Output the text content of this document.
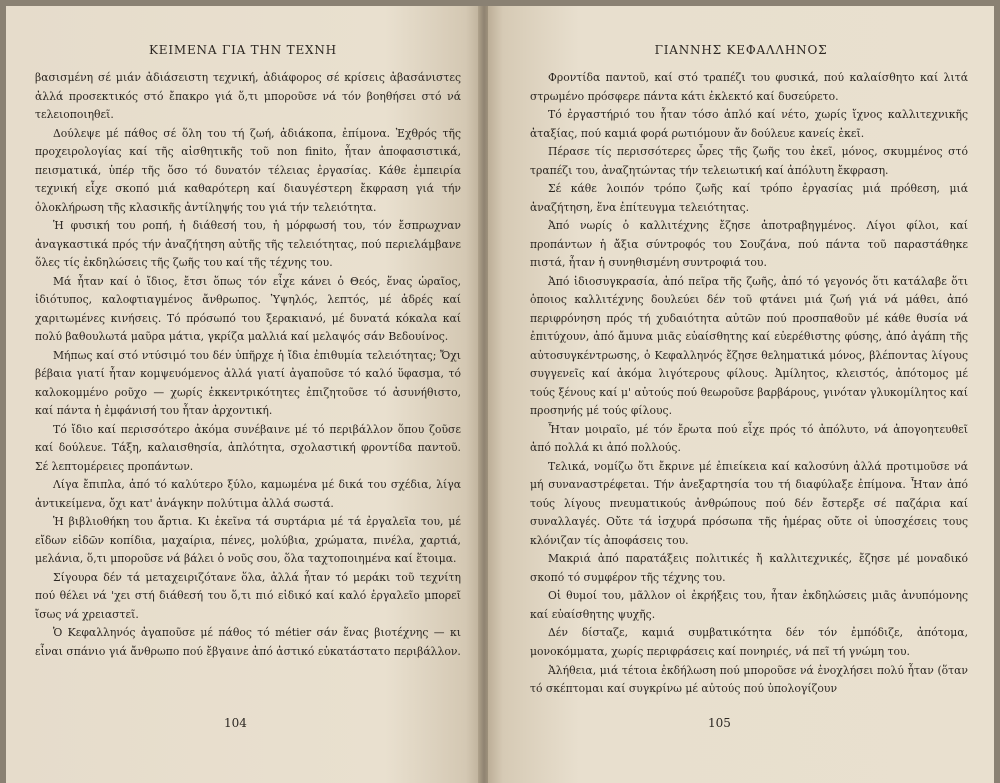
ΚΕΙΜΕΝΑ ΓΙΑ ΤΗΝ ΤΕΧΝΗ

βασισμένη σέ μιάν ἀδιάσειστη τεχνική, ἀδιάφορος σέ κρίσεις ἀβασάνιστες ἀλλά προσεκτικός στό ἔπακρο γιά ὅ,τι μποροῦσε νά τόν βοηθήσει στό νά τελειοποιηθεῖ.

Δούλεψε μέ πάθος σέ ὅλη του τή ζωή, ἀδιάκοπα, ἐπίμονα. Ἐχθρός τῆς προχειρολογίας καί τῆς αἰσθητικῆς τοῦ non finito, ἦταν ἀποφασιστικά, πεισματικά, ὑπέρ τῆς ὅσο τό δυνατόν τέλειας ἐργασίας. Κάθε ἐμπειρία τεχνική εἶχε σκοπό μιά καθαρότερη καί διαυγέστερη ἔκφραση γιά τήν ὁλοκλήρωση τῆς κλασικῆς ἀντίληψής του γιά τήν τελειότητα.

Ἡ φυσική του ροπή, ἡ διάθεσή του, ἡ μόρφωσή του, τόν ἔσπρωχναν ἀναγκαστικά πρός τήν ἀναζήτηση αὐτῆς τῆς τελειότητας, πού περιελάμβανε ὅλες τίς ἐκδηλώσεις τῆς ζωῆς του καί τῆς τέχνης του.

Μά ἦταν καί ὁ ἴδιος, ἔτσι ὅπως τόν εἶχε κάνει ὁ Θεός, ἕνας ὡραῖος, ἰδιότυπος, καλοφτιαγμένος ἄνθρωπος. Ὑψηλός, λεπτός, μέ ἁδρές καί χαριτωμένες κινήσεις. Τό πρόσωπό του ξερακιανό, μέ δυνατά κόκαλα καί πολύ βαθουλωτά μαῦρα μάτια, γκρίζα μαλλιά καί μελαψός σάν Βεδουίνος.

Μήπως καί στό ντύσιμό του δέν ὑπῆρχε ἡ ἴδια ἐπιθυμία τελειότητας; Ὄχι βέβαια γιατί ἦταν κομψευόμενος ἀλλά γιατί ἀγαποῦσε τό καλό ὕφασμα, τό καλοκομμένο ροῦχο — χωρίς ἐκκεντρικότητες ἐπιζητοῦσε τό ἀσυνήθιστο, καί πάντα ἡ ἐμφάνισή του ἦταν ἀρχοντική.

Τό ἴδιο καί περισσότερο ἀκόμα συνέβαινε μέ τό περιβάλλον ὅπου ζοῦσε καί δούλευε. Τάξη, καλαισθησία, ἁπλότητα, σχολαστική φροντίδα παντοῦ. Σέ λεπτομέρειες προπάντων.

Λίγα ἔπιπλα, ἀπό τό καλύτερο ξύλο, καμωμένα μέ δικά του σχέδια, λίγα ἀντικείμενα, ὄχι κατ' ἀνάγκην πολύτιμα ἀλλά σωστά.

Ἡ βιβλιοθήκη του ἄρτια. Κι ἐκεῖνα τά συρτάρια μέ τά ἐργαλεῖα του, μέ εἴδων εἰδῶν κοπίδια, μαχαίρια, πένες, μολύβια, χρώματα, πινέλα, χαρτιά, μελάνια, ὅ,τι μποροῦσε νά βάλει ὁ νοῦς σου, ὅλα ταχτοποιημένα καί ἕτοιμα.

Σίγουρα δέν τά μεταχειριζότανε ὅλα, ἀλλά ἦταν τό μεράκι τοῦ τεχνίτη πού θέλει νά 'χει στή διάθεσή του ὅ,τι πιό εἰδικό καί καλό ἐργαλεῖο μπορεῖ ἴσως νά χρειαστεῖ.

Ὁ Κεφαλληνός ἀγαποῦσε μέ πάθος τό métier σάν ἕνας βιοτέχνης — κι εἶναι σπάνιο γιά ἄνθρωπο πού ἔβγαινε ἀπό ἀστικό εὐκατάστατο περιβάλλον.

104
ΓΙΑΝΝΗΣ ΚΕΦΑΛΛΗΝΟΣ

Φροντίδα παντοῦ, καί στό τραπέζι του φυσικά, πού καλαίσθητο καί λιτά στρωμένο πρόσφερε πάντα κάτι ἐκλεκτό καί δυσεύρετο.

Τό ἐργαστήριό του ἦταν τόσο ἁπλό καί νέτο, χωρίς ἴχνος καλλιτεχνικῆς ἀταξίας, πού καμιά φορά ρωτιόμουν ἄν δούλευε κανείς ἐκεῖ.

Πέρασε τίς περισσότερες ὧρες τῆς ζωῆς του ἐκεῖ, μόνος, σκυμμένος στό τραπέζι του, ἀναζητώντας τήν τελειωτική καί ἀπόλυτη ἔκφραση.

Σέ κάθε λοιπόν τρόπο ζωῆς καί τρόπο ἐργασίας μιά πρόθεση, μιά ἀναζήτηση, ἕνα ἐπίτευγμα τελειότητας.

Ἀπό νωρίς ὁ καλλιτέχνης ἔζησε ἀποτραβηγμένος. Λίγοι φίλοι, καί προπάντων ἡ ἄξια σύντροφός του Σουζάνα, πού πάντα τοῦ παραστάθηκε πιστά, ἦταν ἡ συνηθισμένη συντροφιά του.

Ἀπό ἰδιοσυγκρασία, ἀπό πεῖρα τῆς ζωῆς, ἀπό τό γεγονός ὅτι κατάλαβε ὅτι ὁποιος καλλιτέχνης δουλεύει δέν τοῦ φτάνει μιά ζωή γιά νά μάθει, ἀπό περιφρόνηση πρός τή χυδαιότητα αὐτῶν πού προσπαθοῦν μέ κάθε θυσία νά ἐπιτύχουν, ἀπό ἄμυνα μιᾶς εὐαίσθητης καί εὐερέθιστης φύσης, ἀπό ἀγάπη τῆς αὐτοσυγκέντρωσης, ὁ Κεφαλληνός ἔζησε θεληματικά μόνος, βλέποντας λίγους συγγενεῖς καί ἀκόμα λιγότερους φίλους. Ἀμίλητος, κλειστός, ἀπότομος μέ τούς ξένους καί μ' αὐτούς πού θεωροῦσε βαρβάρους, γινόταν γλυκομίλητος καί προσηνής μέ τούς φίλους.

Ἦταν μοιραῖο, μέ τόν ἔρωτα πού εἶχε πρός τό ἀπόλυτο, νά ἀπογοητευθεῖ ἀπό πολλά κι ἀπό πολλούς.

Τελικά, νομίζω ὅτι ἔκρινε μέ ἐπιείκεια καί καλοσύνη ἀλλά προτιμοῦσε νά μή συναναστρέφεται. Τήν ἀνεξαρτησία του τή διαφύλαξε ἐπίμονα. Ἦταν ἀπό τούς λίγους πνευματικούς ἀνθρώπους πού δέν ἔστερξε σέ παζάρια καί συναλλαγές. Οὔτε τά ἰσχυρά πρόσωπα τῆς ἡμέρας οὔτε οἱ ὑποσχέσεις τους κλόνιζαν τίς ἀποφάσεις του.

Μακριά ἀπό παρατάξεις πολιτικές ἤ καλλιτεχνικές, ἔζησε μέ μοναδικό σκοπό τό συμφέρον τῆς τέχνης του.

Οἱ θυμοί του, μᾶλλον οἱ ἐκρήξεις του, ἦταν ἐκδηλώσεις μιᾶς ἀνυπόμονης καί εὐαίσθητης ψυχῆς.

Δέν δίσταζε, καμιά συμβατικότητα δέν τόν ἐμπόδιζε, ἀπότομα, μονοκόμματα, χωρίς περιφράσεις καί πονηριές, νά πεῖ τή γνώμη του.

Ἀλήθεια, μιά τέτοια ἐκδήλωση πού μποροῦσε νά ἐνοχλήσει πολύ ἦταν (ὅταν τό σκέπτομαι καί συγκρίνω μέ αὐτούς πού ὑπολογίζουν

105
